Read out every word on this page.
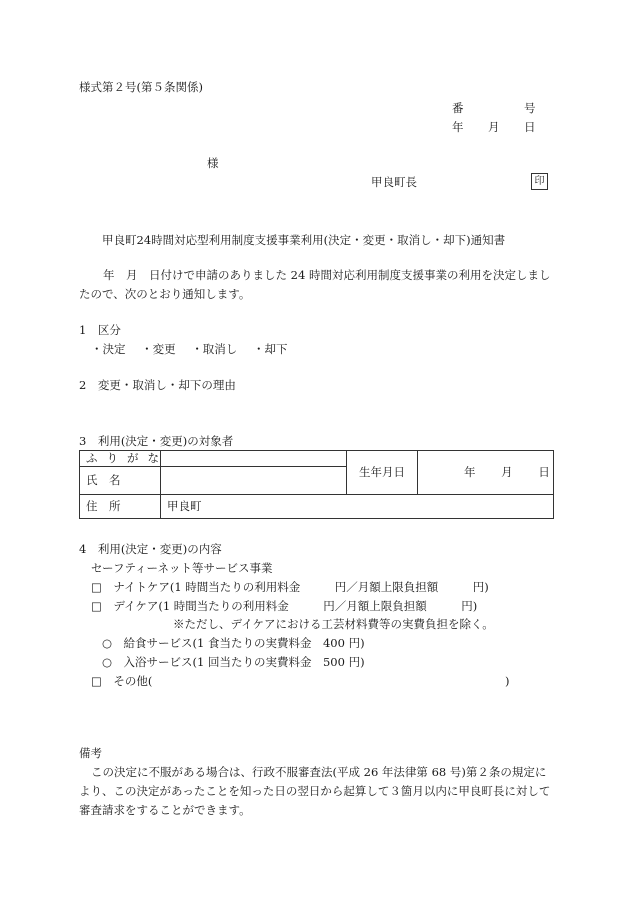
様式第２号(第５条関係)
番	号
年 月 日
様
甲良町長	印
甲良町24時間対応型利用制度支援事業利用(決定・変更・取消し・却下)通知書
年　月　日付けで申請のありました 24 時間対応利用制度支援事業の利用を決定しましたので、次のとおり通知します。
1　区分
・決定 ・変更 ・取消し ・却下
2　変更・取消し・却下の理由
3　利用(決定・変更)の対象者
ふりがな		生年月日	年 月 日
氏　名			
住　所	甲良町		
4　利用(決定・変更)の内容
セーフティーネット等サービス事業
□　ナイトケア(1 時間当たりの利用料金　　　円／月額上限負担額　　　円)
□　デイケア(1 時間当たりの利用料金　　　円／月額上限負担額　　　円)
※ただし、デイケアにおける工芸材料費等の実費負担を除く。
○　給食サービス(1 食当たりの実費料金　400 円)
○　入浴サービス(1 回当たりの実費料金　500 円)
□　その他(	)
備考
この決定に不服がある場合は、行政不服審査法(平成 26 年法律第 68 号)第２条の規定により、この決定があったことを知った日の翌日から起算して３箇月以内に甲良町長に対して審査請求をすることができます。
